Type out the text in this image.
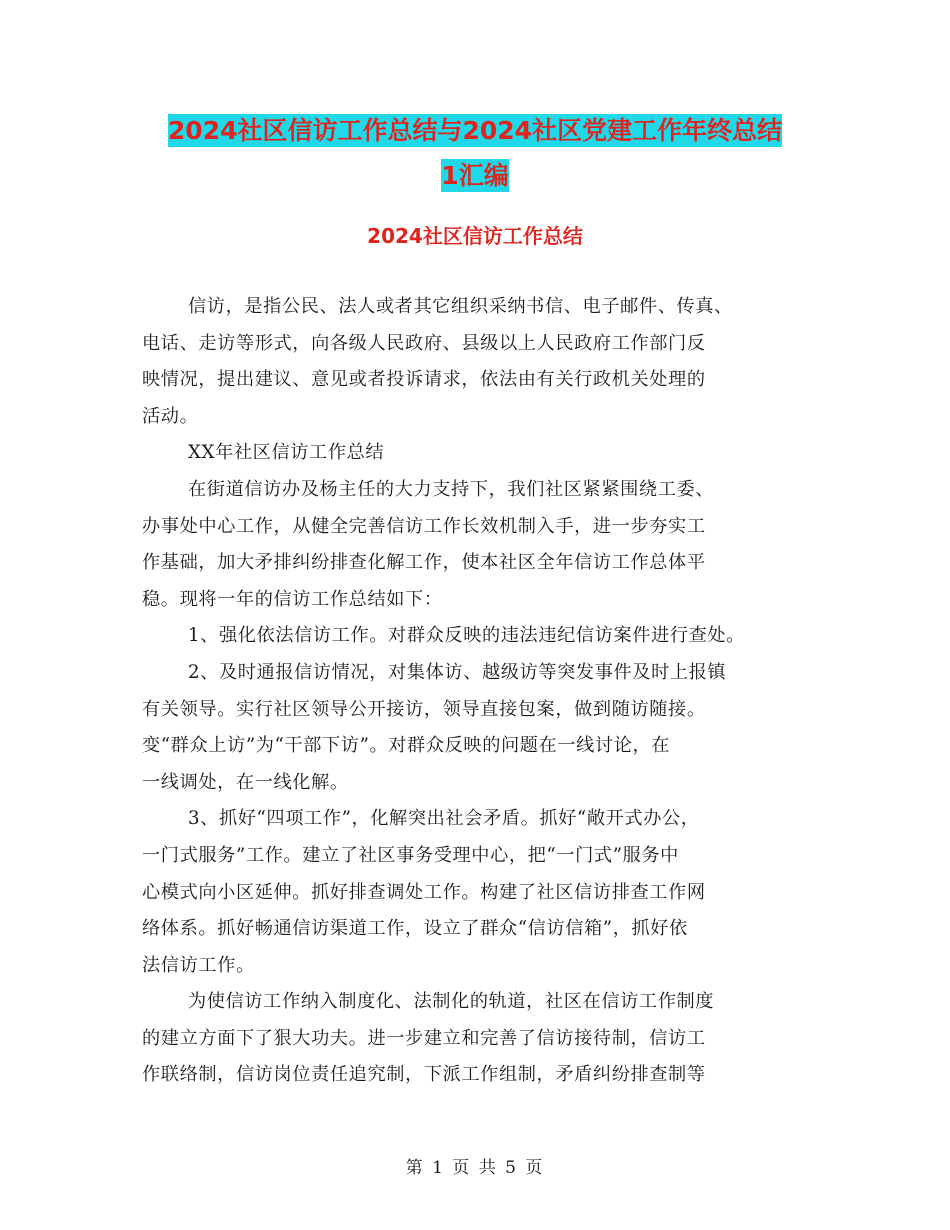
2024社区信访工作总结与2024社区党建工作年终总结
1汇编
2024社区信访工作总结
信访，是指公民、法人或者其它组织采纳书信、电子邮件、传真、
电话、走访等形式，向各级人民政府、县级以上人民政府工作部门反
映情况，提出建议、意见或者投诉请求，依法由有关行政机关处理的
活动。
XX年社区信访工作总结
在街道信访办及杨主任的大力支持下，我们社区紧紧围绕工委、
办事处中心工作，从健全完善信访工作长效机制入手，进一步夯实工
作基础，加大矛排纠纷排查化解工作，使本社区全年信访工作总体平
稳。现将一年的信访工作总结如下：
1、强化依法信访工作。对群众反映的违法违纪信访案件进行查处。
2、及时通报信访情况，对集体访、越级访等突发事件及时上报镇
有关领导。实行社区领导公开接访，领导直接包案，做到随访随接。
变“群众上访”为“干部下访”。对群众反映的问题在一线讨论，在
一线调处，在一线化解。
3、抓好“四项工作”，化解突出社会矛盾。抓好“敞开式办公，
一门式服务”工作。建立了社区事务受理中心，把“一门式”服务中
心模式向小区延伸。抓好排查调处工作。构建了社区信访排查工作网
络体系。抓好畅通信访渠道工作，设立了群众“信访信箱”，抓好依
法信访工作。
为使信访工作纳入制度化、法制化的轨道，社区在信访工作制度
的建立方面下了狠大功夫。进一步建立和完善了信访接待制，信访工
作联络制，信访岗位责任追究制，下派工作组制，矛盾纠纷排查制等
第 1 页 共 5 页
